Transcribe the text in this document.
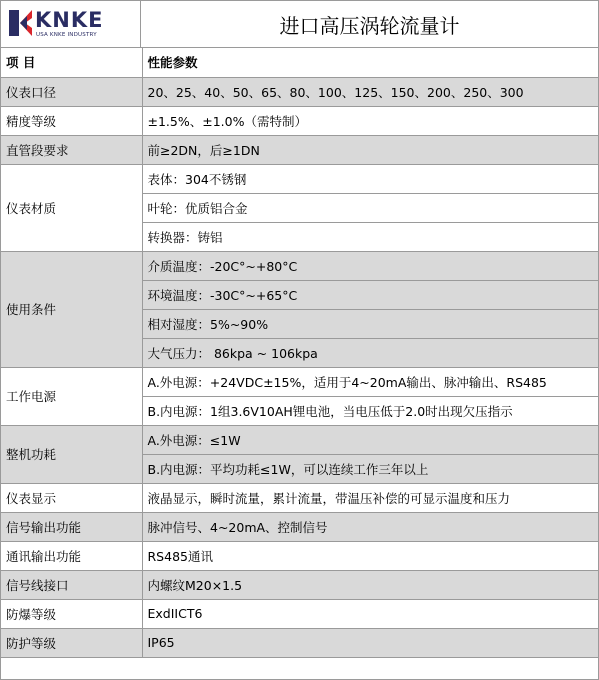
KNKE
USA KNKE INDUSTRY	进口高压涡轮流量计
项 目	性能参数
仪表口径	20、25、40、50、65、80、100、125、150、200、250、300
精度等级	±1.5%、±1.0%（需特制）
直管段要求	前≥2DN，后≥1DN
仪表材质	表体：304不锈钢
	叶轮：优质铝合金
	转换器：铸铝
使用条件	介质温度：-20C°~+80°C
	环境温度：-30C°~+65°C
	相对湿度：5%~90%
	大气压力： 86kpa ~ 106kpa
工作电源	A.外电源：+24VDC±15%，适用于4~20mA输出、脉冲输出、RS485
	B.内电源：1组3.6V10AH锂电池，当电压低于2.0时出现欠压指示
整机功耗	A.外电源：≤1W
	B.内电源：平均功耗≤1W，可以连续工作三年以上
仪表显示	液晶显示，瞬时流量，累计流量，带温压补偿的可显示温度和压力
信号输出功能	脉冲信号、4~20mA、控制信号
通讯输出功能	RS485通讯
信号线接口	内螺纹M20×1.5
防爆等级	ExdIICT6
防护等级	IP65
